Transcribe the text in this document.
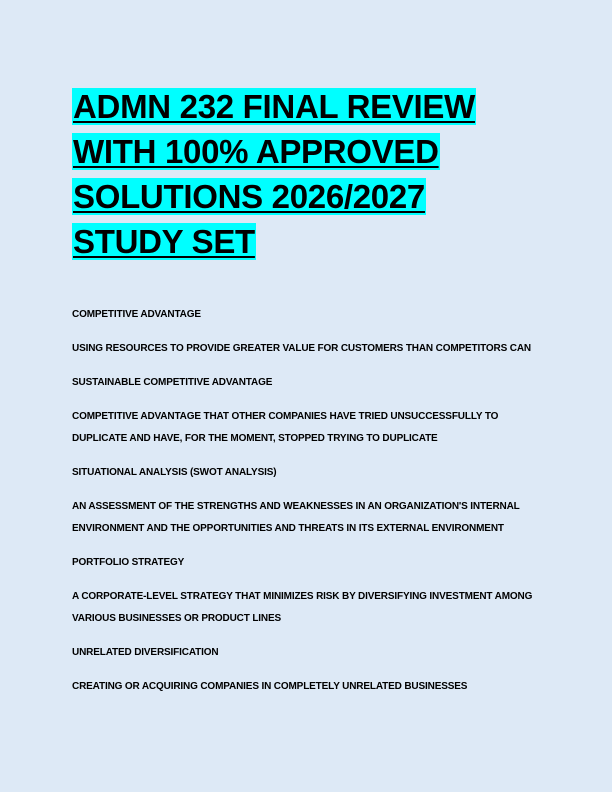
ADMN 232 FINAL REVIEW WITH 100% APPROVED SOLUTIONS 2026/2027 STUDY SET

COMPETITIVE ADVANTAGE

USING RESOURCES TO PROVIDE GREATER VALUE FOR CUSTOMERS THAN COMPETITORS CAN

SUSTAINABLE COMPETITIVE ADVANTAGE

COMPETITIVE ADVANTAGE THAT OTHER COMPANIES HAVE TRIED UNSUCCESSFULLY TO DUPLICATE AND HAVE, FOR THE MOMENT, STOPPED TRYING TO DUPLICATE

SITUATIONAL ANALYSIS (SWOT ANALYSIS)

AN ASSESSMENT OF THE STRENGTHS AND WEAKNESSES IN AN ORGANIZATION'S INTERNAL ENVIRONMENT AND THE OPPORTUNITIES AND THREATS IN ITS EXTERNAL ENVIRONMENT

PORTFOLIO STRATEGY

A CORPORATE-LEVEL STRATEGY THAT MINIMIZES RISK BY DIVERSIFYING INVESTMENT AMONG VARIOUS BUSINESSES OR PRODUCT LINES

UNRELATED DIVERSIFICATION

CREATING OR ACQUIRING COMPANIES IN COMPLETELY UNRELATED BUSINESSES
